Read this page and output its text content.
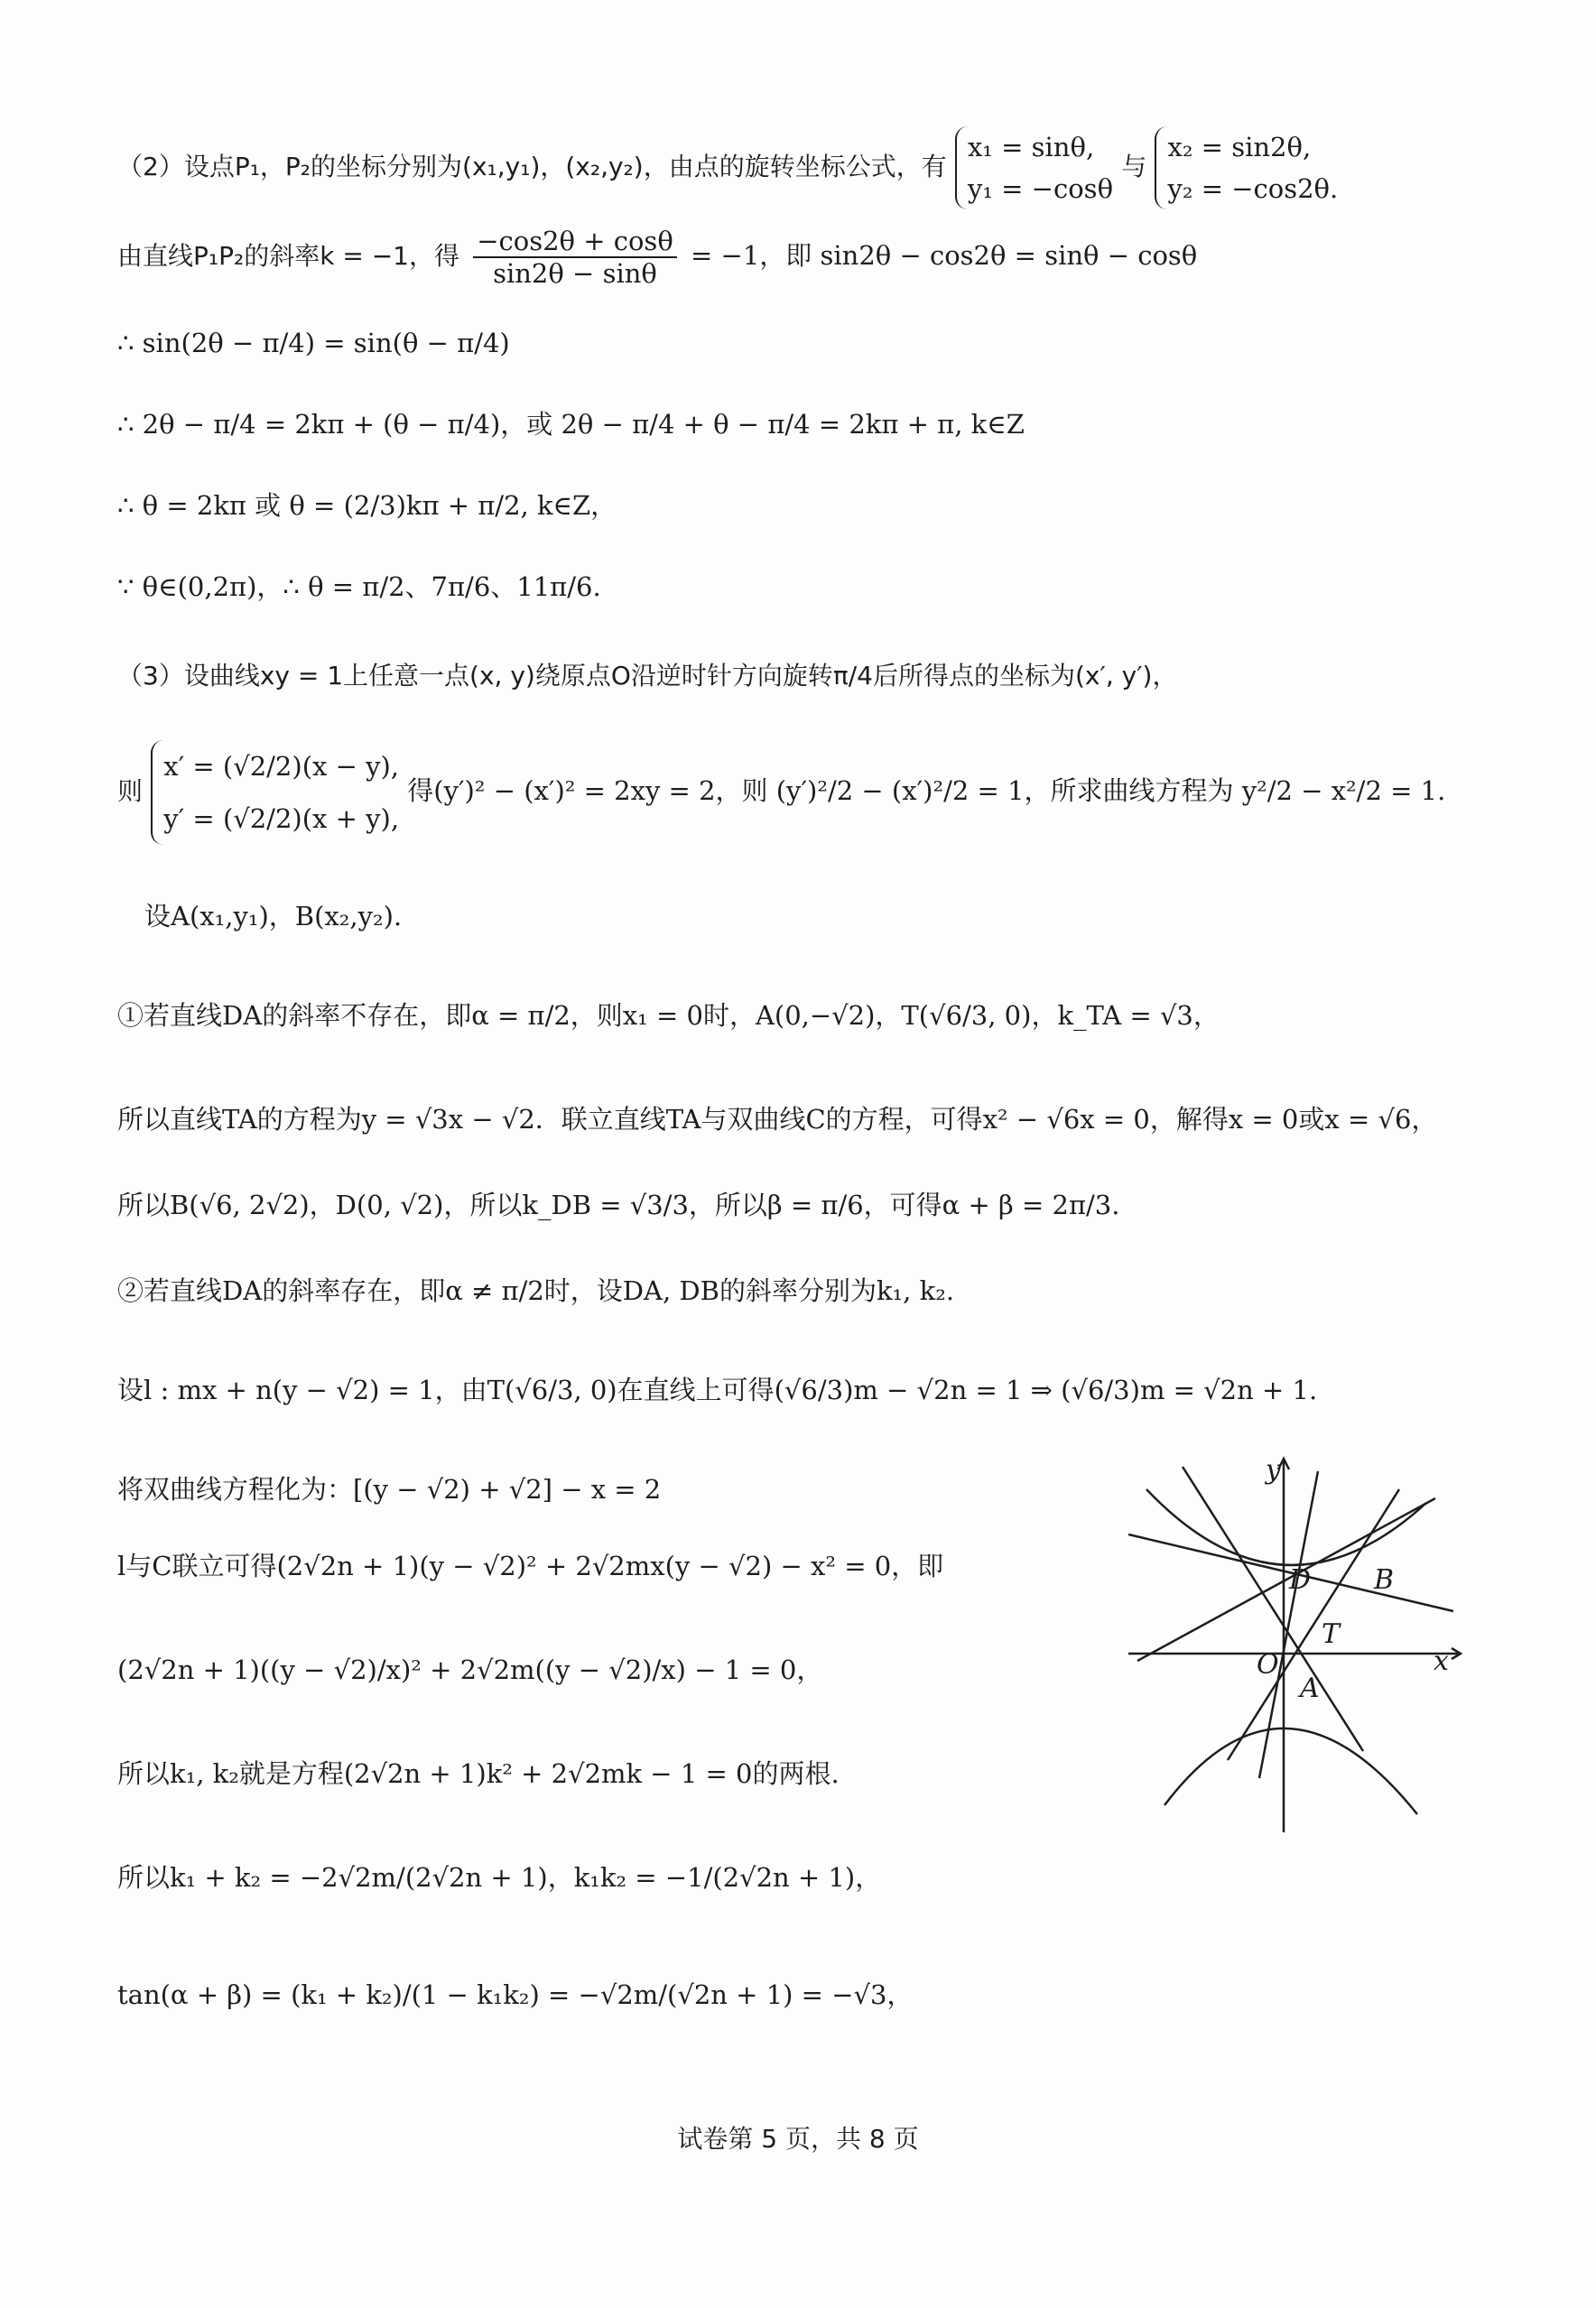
（2）设点P₁，P₂的坐标分别为(x₁,y₁)，(x₂,y₂)，由点的旋转坐标公式，有
x₁ = sinθ,
y₁ = −cosθ
与
x₂ = sin2θ,
y₂ = −cos2θ.
由直线P₁P₂的斜率k = −1，得 $\frac{-\cos 2\theta + \cos\theta}{\sin 2\theta - \sin\theta} = -1$，即 sin2θ − cos2θ = sinθ − cosθ
∴ sin(2θ − π/4) = sin(θ − π/4)
∴ 2θ − π/4 = 2kπ + (θ − π/4)，或 2θ − π/4 + θ − π/4 = 2kπ + π, k∈Z
∴ θ = 2kπ 或 θ = (2/3)kπ + π/2, k∈Z，
∵ θ∈(0,2π)，∴ θ = π/2、7π/6、11π/6.
（3）设曲线xy = 1上任意一点(x, y)绕原点O沿逆时针方向旋转π/4后所得点的坐标为(x′, y′)，
则
x′ = (√2/2)(x − y),
y′ = (√2/2)(x + y),
得(y′)² − (x′)² = 2xy = 2，则 (y′)²/2 − (x′)²/2 = 1，所求曲线方程为 y²/2 − x²/2 = 1.
设A(x₁,y₁)，B(x₂,y₂).
①若直线DA的斜率不存在，即α = π/2，则x₁ = 0时，A(0,−√2)，T(√6/3, 0)，k_TA = √3，
所以直线TA的方程为y = √3x − √2．联立直线TA与双曲线C的方程，可得x² − √6x = 0，解得x = 0或x = √6，
所以B(√6, 2√2)，D(0, √2)，所以k_DB = √3/3，所以β = π/6，可得α + β = 2π/3.
②若直线DA的斜率存在，即α ≠ π/2时，设DA, DB的斜率分别为k₁, k₂.
设l : mx + n(y − √2) = 1，由T(√6/3, 0)在直线上可得(√6/3)m − √2n = 1 ⇒ (√6/3)m = √2n + 1.
将双曲线方程化为：[(y − √2) + √2] − x = 2
l与C联立可得(2√2n + 1)(y − √2)² + 2√2mx(y − √2) − x² = 0，即
(2√2n + 1)((y − √2)/x)² + 2√2m((y − √2)/x) − 1 = 0，
所以k₁, k₂就是方程(2√2n + 1)k² + 2√2mk − 1 = 0的两根.
所以k₁ + k₂ = −2√2m/(2√2n + 1)，k₁k₂ = −1/(2√2n + 1)，
tan(α + β) = (k₁ + k₂)/(1 − k₁k₂) = −√2m/(√2n + 1) = −√3，
y
x
O
D B
T
A
试卷第 5 页，共 8 页
